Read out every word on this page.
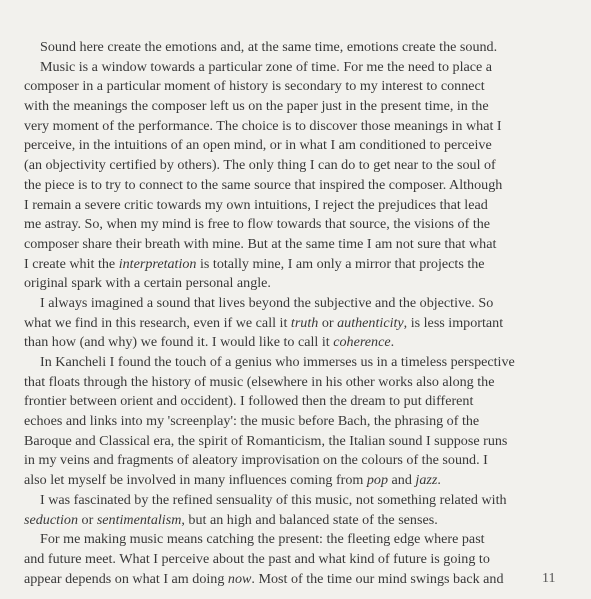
Sound here create the emotions and, at the same time, emotions create the sound.
Music is a window towards a particular zone of time. For me the need to place a
composer in a particular moment of history is secondary to my interest to connect
with the meanings the composer left us on the paper just in the present time, in the
very moment of the performance. The choice is to discover those meanings in what I
perceive, in the intuitions of an open mind, or in what I am conditioned to perceive
(an objectivity certified by others). The only thing I can do to get near to the soul of
the piece is to try to connect to the same source that inspired the composer. Although
I remain a severe critic towards my own intuitions, I reject the prejudices that lead
me astray. So, when my mind is free to flow towards that source, the visions of the
composer share their breath with mine. But at the same time I am not sure that what
I create whit the interpretation is totally mine, I am only a mirror that projects the
original spark with a certain personal angle.
I always imagined a sound that lives beyond the subjective and the objective. So
what we find in this research, even if we call it truth or authenticity, is less important
than how (and why) we found it. I would like to call it coherence.
In Kancheli I found the touch of a genius who immerses us in a timeless perspective
that floats through the history of music (elsewhere in his other works also along the
frontier between orient and occident). I followed then the dream to put different
echoes and links into my 'screenplay': the music before Bach, the phrasing of the
Baroque and Classical era, the spirit of Romanticism, the Italian sound I suppose runs
in my veins and fragments of aleatory improvisation on the colours of the sound. I
also let myself be involved in many influences coming from pop and jazz.
I was fascinated by the refined sensuality of this music, not something related with
seduction or sentimentalism, but an high and balanced state of the senses.
For me making music means catching the present: the fleeting edge where past
and future meet. What I perceive about the past and what kind of future is going to
appear depends on what I am doing now. Most of the time our mind swings back and	11
